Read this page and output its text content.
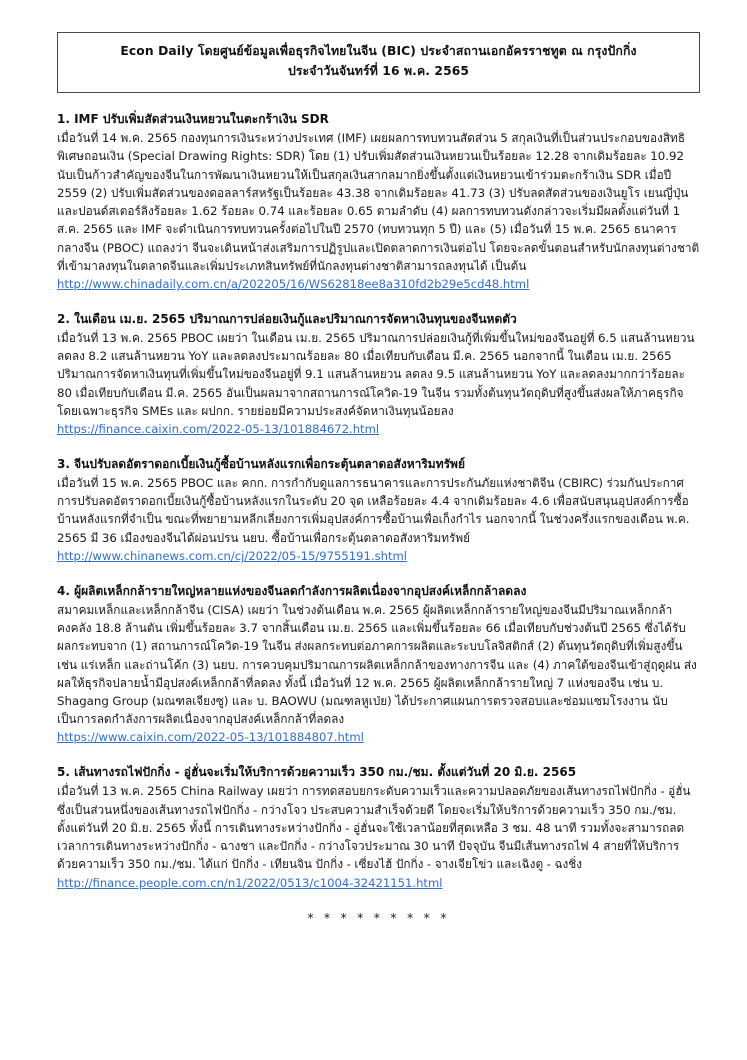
Econ Daily โดยศูนย์ข้อมูลเพื่อธุรกิจไทยในจีน (BIC) ประจำสถานเอกอัครราชทูต ณ กรุงปักกิ่ง
ประจำวันจันทร์ที่ 16 พ.ค. 2565
1. IMF ปรับเพิ่มสัดส่วนเงินหยวนในตะกร้าเงิน SDR
เมื่อวันที่ 14 พ.ค. 2565 กองทุนการเงินระหว่างประเทศ (IMF) เผยผลการทบทวนสัดส่วน 5 สกุลเงินที่เป็นส่วนประกอบของสิทธิพิเศษถอนเงิน (Special Drawing Rights: SDR) โดย (1) ปรับเพิ่มสัดส่วนเงินหยวนเป็นร้อยละ 12.28 จากเดิมร้อยละ 10.92 นับเป็นก้าวสำคัญของจีนในการพัฒนาเงินหยวนให้เป็นสกุลเงินสากลมากยิ่งขึ้นตั้งแต่เงินหยวนเข้าร่วมตะกร้าเงิน SDR เมื่อปี 2559 (2) ปรับเพิ่มสัดส่วนของดอลลาร์สหรัฐเป็นร้อยละ 43.38 จากเดิมร้อยละ 41.73 (3) ปรับลดสัดส่วนของเงินยูโร เยนญี่ปุ่น และปอนด์สเตอร์ลิงร้อยละ 1.62 ร้อยละ 0.74 และร้อยละ 0.65 ตามลำดับ (4) ผลการทบทวนดังกล่าวจะเริ่มมีผลตั้งแต่วันที่ 1 ส.ค. 2565 และ IMF จะดำเนินการทบทวนครั้งต่อไปในปี 2570 (ทบทวนทุก 5 ปี) และ (5) เมื่อวันที่ 15 พ.ค. 2565 ธนาคารกลางจีน (PBOC) แถลงว่า จีนจะเดินหน้าส่งเสริมการปฏิรูปและเปิดตลาดการเงินต่อไป โดยจะลดขั้นตอนสำหรับนักลงทุนต่างชาติที่เข้ามาลงทุนในตลาดจีนและเพิ่มประเภทสินทรัพย์ที่นักลงทุนต่างชาติสามารถลงทุนได้ เป็นต้น
http://www.chinadaily.com.cn/a/202205/16/WS62818ee8a310fd2b29e5cd48.html
2. ในเดือน เม.ย. 2565 ปริมาณการปล่อยเงินกู้และปริมาณการจัดหาเงินทุนของจีนหดตัว
เมื่อวันที่ 13 พ.ค. 2565 PBOC เผยว่า ในเดือน เม.ย. 2565 ปริมาณการปล่อยเงินกู้ที่เพิ่มขึ้นใหม่ของจีนอยู่ที่ 6.5 แสนล้านหยวน ลดลง 8.2 แสนล้านหยวน YoY และลดลงประมาณร้อยละ 80 เมื่อเทียบกับเดือน มี.ค. 2565 นอกจากนี้ ในเดือน เม.ย. 2565 ปริมาณการจัดหาเงินทุนที่เพิ่มขึ้นใหม่ของจีนอยู่ที่ 9.1 แสนล้านหยวน ลดลง 9.5 แสนล้านหยวน YoY และลดลงมากกว่าร้อยละ 80 เมื่อเทียบกับเดือน มี.ค. 2565 อันเป็นผลมาจากสถานการณ์โควิด-19 ในจีน รวมทั้งต้นทุนวัตถุดิบที่สูงขึ้นส่งผลให้ภาคธุรกิจ โดยเฉพาะธุรกิจ SMEs และ ผปกก. รายย่อยมีความประสงค์จัดหาเงินทุนน้อยลง
https://finance.caixin.com/2022-05-13/101884672.html
3. จีนปรับลดอัตราดอกเบี้ยเงินกู้ซื้อบ้านหลังแรกเพื่อกระตุ้นตลาดอสังหาริมทรัพย์
เมื่อวันที่ 15 พ.ค. 2565 PBOC และ คกก. การกำกับดูแลการธนาคารและการประกันภัยแห่งชาติจีน (CBIRC) ร่วมกันประกาศการปรับลดอัตราดอกเบี้ยเงินกู้ซื้อบ้านหลังแรกในระดับ 20 จุด เหลือร้อยละ 4.4 จากเดิมร้อยละ 4.6 เพื่อสนับสนุนอุปสงค์การซื้อบ้านหลังแรกที่จำเป็น ขณะที่พยายามหลีกเลี่ยงการเพิ่มอุปสงค์การซื้อบ้านเพื่อเก็งกำไร นอกจากนี้ ในช่วงครึ่งแรกของเดือน พ.ค. 2565 มี 36 เมืองของจีนได้ผ่อนปรน นยบ. ซื้อบ้านเพื่อกระตุ้นตลาดอสังหาริมทรัพย์
http://www.chinanews.com.cn/cj/2022/05-15/9755191.shtml
4. ผู้ผลิตเหล็กกล้ารายใหญ่หลายแห่งของจีนลดกำลังการผลิตเนื่องจากอุปสงค์เหล็กกล้าลดลง
สมาคมเหล็กและเหล็กกล้าจีน (CISA) เผยว่า ในช่วงต้นเดือน พ.ค. 2565 ผู้ผลิตเหล็กกล้ารายใหญ่ของจีนมีปริมาณเหล็กกล้าคงคลัง 18.8 ล้านตัน เพิ่มขึ้นร้อยละ 3.7 จากสิ้นเดือน เม.ย. 2565 และเพิ่มขึ้นร้อยละ 66 เมื่อเทียบกับช่วงต้นปี 2565 ซึ่งได้รับผลกระทบจาก (1) สถานการณ์โควิด-19 ในจีน ส่งผลกระทบต่อภาคการผลิตและระบบโลจิสติกส์ (2) ต้นทุนวัตถุดิบที่เพิ่มสูงขึ้น เช่น แร่เหล็ก และถ่านโค้ก (3) นยบ. การควบคุมปริมาณการผลิตเหล็กกล้าของทางการจีน และ (4) ภาคใต้ของจีนเข้าสู่ฤดูฝน ส่งผลให้ธุรกิจปลายน้ำมีอุปสงค์เหล็กกล้าที่ลดลง ทั้งนี้ เมื่อวันที่ 12 พ.ค. 2565 ผู้ผลิตเหล็กกล้ารายใหญ่ 7 แห่งของจีน เช่น บ. Shagang Group (มณฑลเจียงซู) และ บ. BAOWU (มณฑลหูเป่ย) ได้ประกาศแผนการตรวจสอบและซ่อมแซมโรงงาน นับเป็นการลดกำลังการผลิตเนื่องจากอุปสงค์เหล็กกล้าที่ลดลง
https://www.caixin.com/2022-05-13/101884807.html
5. เส้นทางรถไฟปักกิ่ง - อู่ฮั่นจะเริ่มให้บริการด้วยความเร็ว 350 กม./ชม. ตั้งแต่วันที่ 20 มิ.ย. 2565
เมื่อวันที่ 13 พ.ค. 2565 China Railway เผยว่า การทดสอบยกระดับความเร็วและความปลอดภัยของเส้นทางรถไฟปักกิ่ง - อู่ฮั่น ซึ่งเป็นส่วนหนึ่งของเส้นทางรถไฟปักกิ่ง - กว่างโจว ประสบความสำเร็จด้วยดี โดยจะเริ่มให้บริการด้วยความเร็ว 350 กม./ชม. ตั้งแต่วันที่ 20 มิ.ย. 2565 ทั้งนี้ การเดินทางระหว่างปักกิ่ง - อู่ฮั่นจะใช้เวลาน้อยที่สุดเหลือ 3 ชม. 48 นาที รวมทั้งจะสามารถลดเวลาการเดินทางระหว่างปักกิ่ง - ฉางชา และปักกิ่ง - กว่างโจวประมาณ 30 นาที ปัจจุบัน จีนมีเส้นทางรถไฟ 4 สายที่ให้บริการด้วยความเร็ว 350 กม./ชม. ได้แก่ ปักกิ่ง - เทียนจิน ปักกิ่ง - เซี่ยงไฮ้ ปักกิ่ง - จางเจียโข่ว และเฉิงตู - ฉงชิ่ง
http://finance.people.com.cn/n1/2022/0513/c1004-32421151.html
* * * * * * * * *
